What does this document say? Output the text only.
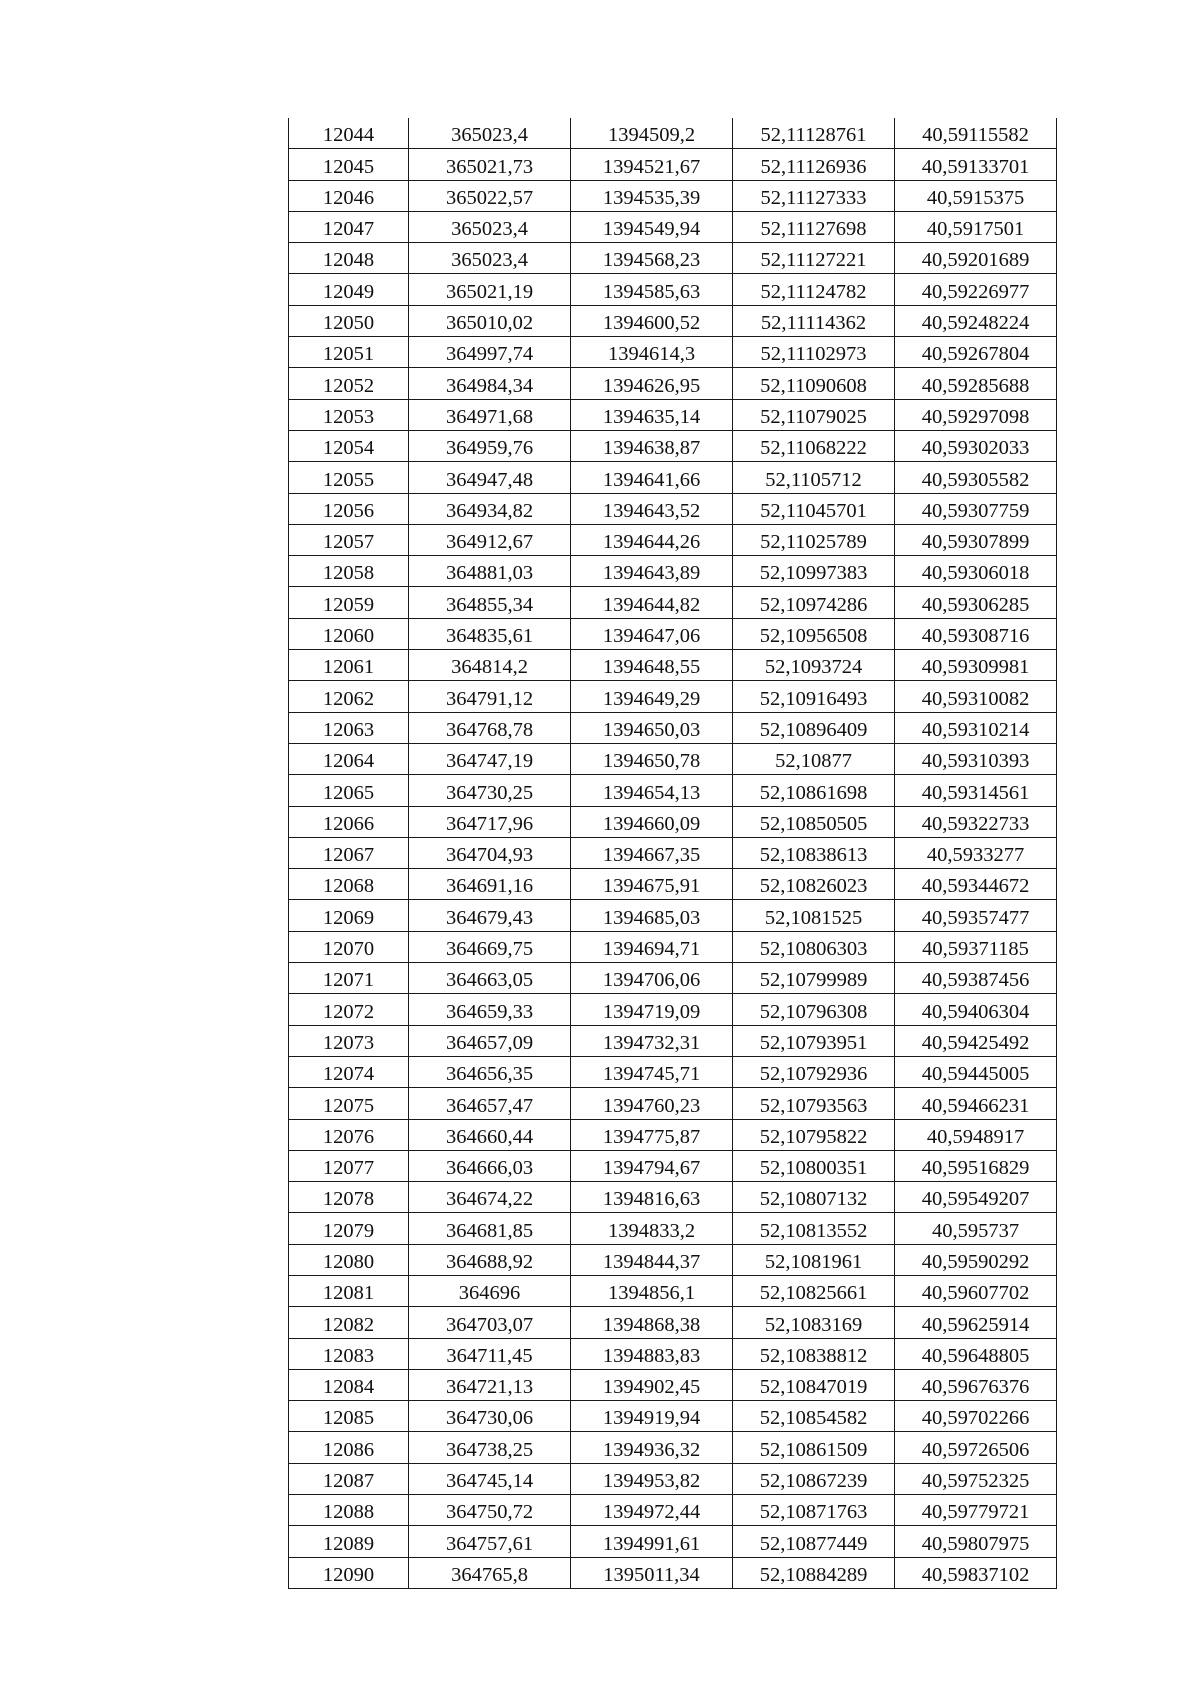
12044	365023,4	1394509,2	52,11128761	40,59115582
12045	365021,73	1394521,67	52,11126936	40,59133701
12046	365022,57	1394535,39	52,11127333	40,5915375
12047	365023,4	1394549,94	52,11127698	40,5917501
12048	365023,4	1394568,23	52,11127221	40,59201689
12049	365021,19	1394585,63	52,11124782	40,59226977
12050	365010,02	1394600,52	52,11114362	40,59248224
12051	364997,74	1394614,3	52,11102973	40,59267804
12052	364984,34	1394626,95	52,11090608	40,59285688
12053	364971,68	1394635,14	52,11079025	40,59297098
12054	364959,76	1394638,87	52,11068222	40,59302033
12055	364947,48	1394641,66	52,1105712	40,59305582
12056	364934,82	1394643,52	52,11045701	40,59307759
12057	364912,67	1394644,26	52,11025789	40,59307899
12058	364881,03	1394643,89	52,10997383	40,59306018
12059	364855,34	1394644,82	52,10974286	40,59306285
12060	364835,61	1394647,06	52,10956508	40,59308716
12061	364814,2	1394648,55	52,1093724	40,59309981
12062	364791,12	1394649,29	52,10916493	40,59310082
12063	364768,78	1394650,03	52,10896409	40,59310214
12064	364747,19	1394650,78	52,10877	40,59310393
12065	364730,25	1394654,13	52,10861698	40,59314561
12066	364717,96	1394660,09	52,10850505	40,59322733
12067	364704,93	1394667,35	52,10838613	40,5933277
12068	364691,16	1394675,91	52,10826023	40,59344672
12069	364679,43	1394685,03	52,1081525	40,59357477
12070	364669,75	1394694,71	52,10806303	40,59371185
12071	364663,05	1394706,06	52,10799989	40,59387456
12072	364659,33	1394719,09	52,10796308	40,59406304
12073	364657,09	1394732,31	52,10793951	40,59425492
12074	364656,35	1394745,71	52,10792936	40,59445005
12075	364657,47	1394760,23	52,10793563	40,59466231
12076	364660,44	1394775,87	52,10795822	40,5948917
12077	364666,03	1394794,67	52,10800351	40,59516829
12078	364674,22	1394816,63	52,10807132	40,59549207
12079	364681,85	1394833,2	52,10813552	40,595737
12080	364688,92	1394844,37	52,1081961	40,59590292
12081	364696	1394856,1	52,10825661	40,59607702
12082	364703,07	1394868,38	52,1083169	40,59625914
12083	364711,45	1394883,83	52,10838812	40,59648805
12084	364721,13	1394902,45	52,10847019	40,59676376
12085	364730,06	1394919,94	52,10854582	40,59702266
12086	364738,25	1394936,32	52,10861509	40,59726506
12087	364745,14	1394953,82	52,10867239	40,59752325
12088	364750,72	1394972,44	52,10871763	40,59779721
12089	364757,61	1394991,61	52,10877449	40,59807975
12090	364765,8	1395011,34	52,10884289	40,59837102
